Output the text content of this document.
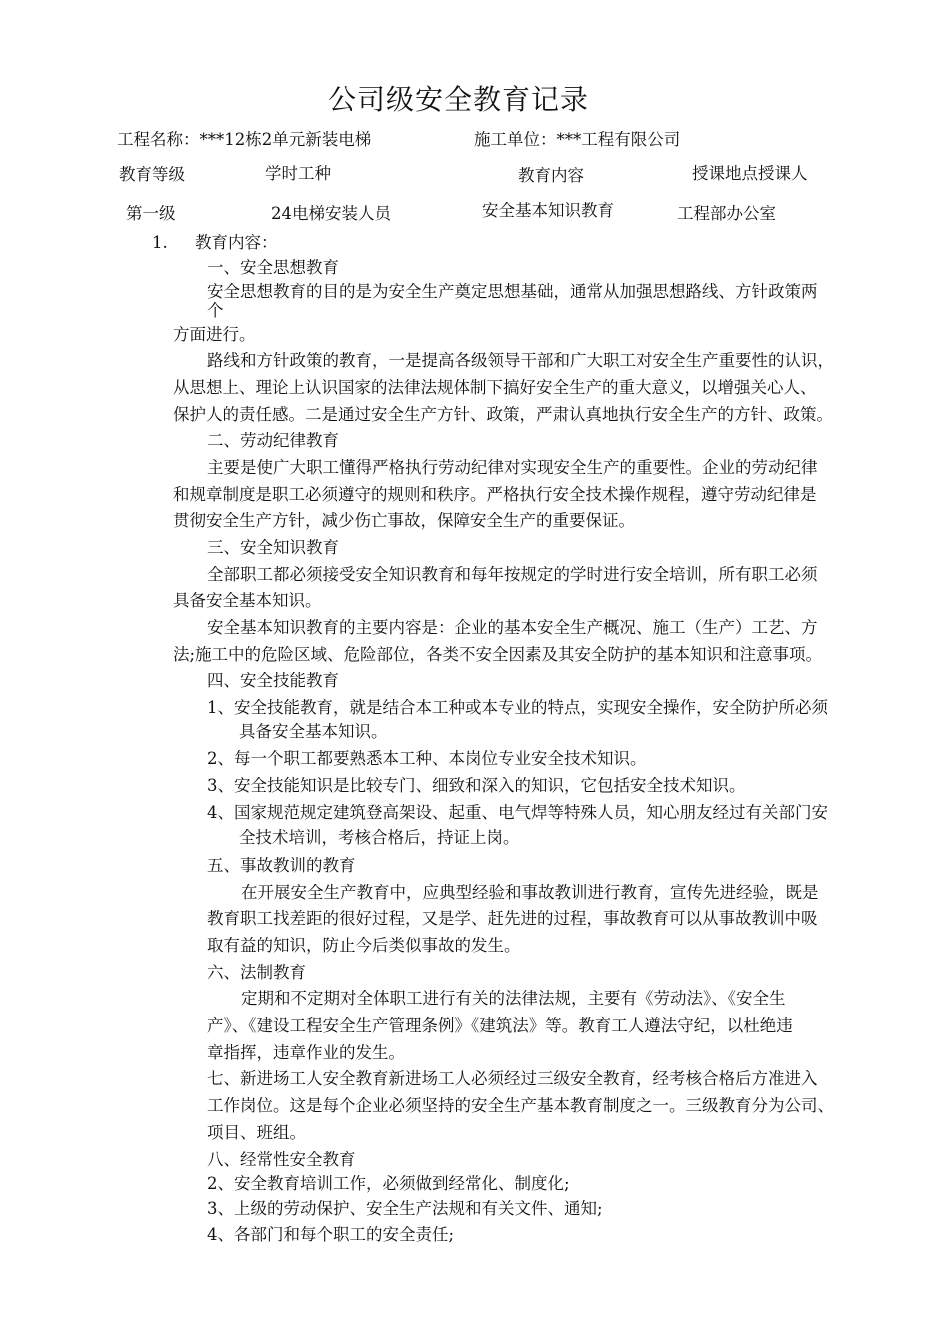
公司级安全教育记录
工程名称：***12栋2单元新装电梯	施工单位：***工程有限公司
教育等级	学时工种	教育内容	授课地点授课人
第一级	24电梯安装人员	安全基本知识教育	工程部办公室
1. 教育内容：
一、安全思想教育
安全思想教育的目的是为安全生产奠定思想基础，通常从加强思想路线、方针政策两
个
方面进行。
路线和方针政策的教育，一是提高各级领导干部和广大职工对安全生产重要性的认识，
从思想上、理论上认识国家的法律法规体制下搞好安全生产的重大意义，以增强关心人、
保护人的责任感。二是通过安全生产方针、政策，严肃认真地执行安全生产的方针、政策。
二、劳动纪律教育
主要是使广大职工懂得严格执行劳动纪律对实现安全生产的重要性。企业的劳动纪律
和规章制度是职工必须遵守的规则和秩序。严格执行安全技术操作规程，遵守劳动纪律是
贯彻安全生产方针，减少伤亡事故，保障安全生产的重要保证。
三、安全知识教育
全部职工都必须接受安全知识教育和每年按规定的学时进行安全培训，所有职工必须
具备安全基本知识。
安全基本知识教育的主要内容是：企业的基本安全生产概况、施工（生产）工艺、方
法;施工中的危险区域、危险部位，各类不安全因素及其安全防护的基本知识和注意事项。
四、安全技能教育
1、安全技能教育，就是结合本工种或本专业的特点，实现安全操作，安全防护所必须
具备安全基本知识。
2、每一个职工都要熟悉本工种、本岗位专业安全技术知识。
3、安全技能知识是比较专门、细致和深入的知识，它包括安全技术知识。
4、国家规范规定建筑登高架设、起重、电气焊等特殊人员，知心朋友经过有关部门安
全技术培训，考核合格后，持证上岗。
五、事故教训的教育
在开展安全生产教育中，应典型经验和事故教训进行教育，宣传先进经验，既是
教育职工找差距的很好过程，又是学、赶先进的过程，事故教育可以从事故教训中吸
取有益的知识，防止今后类似事故的发生。
六、法制教育
定期和不定期对全体职工进行有关的法律法规，主要有《劳动法》、《安全生
产》、《建设工程安全生产管理条例》《建筑法》等。教育工人遵法守纪，以杜绝违
章指挥，违章作业的发生。
七、新进场工人安全教育新进场工人必须经过三级安全教育，经考核合格后方准进入
工作岗位。这是每个企业必须坚持的安全生产基本教育制度之一。三级教育分为公司、
项目、班组。
八、经常性安全教育
2、安全教育培训工作，必须做到经常化、制度化;
3、上级的劳动保护、安全生产法规和有关文件、通知;
4、各部门和每个职工的安全责任;
